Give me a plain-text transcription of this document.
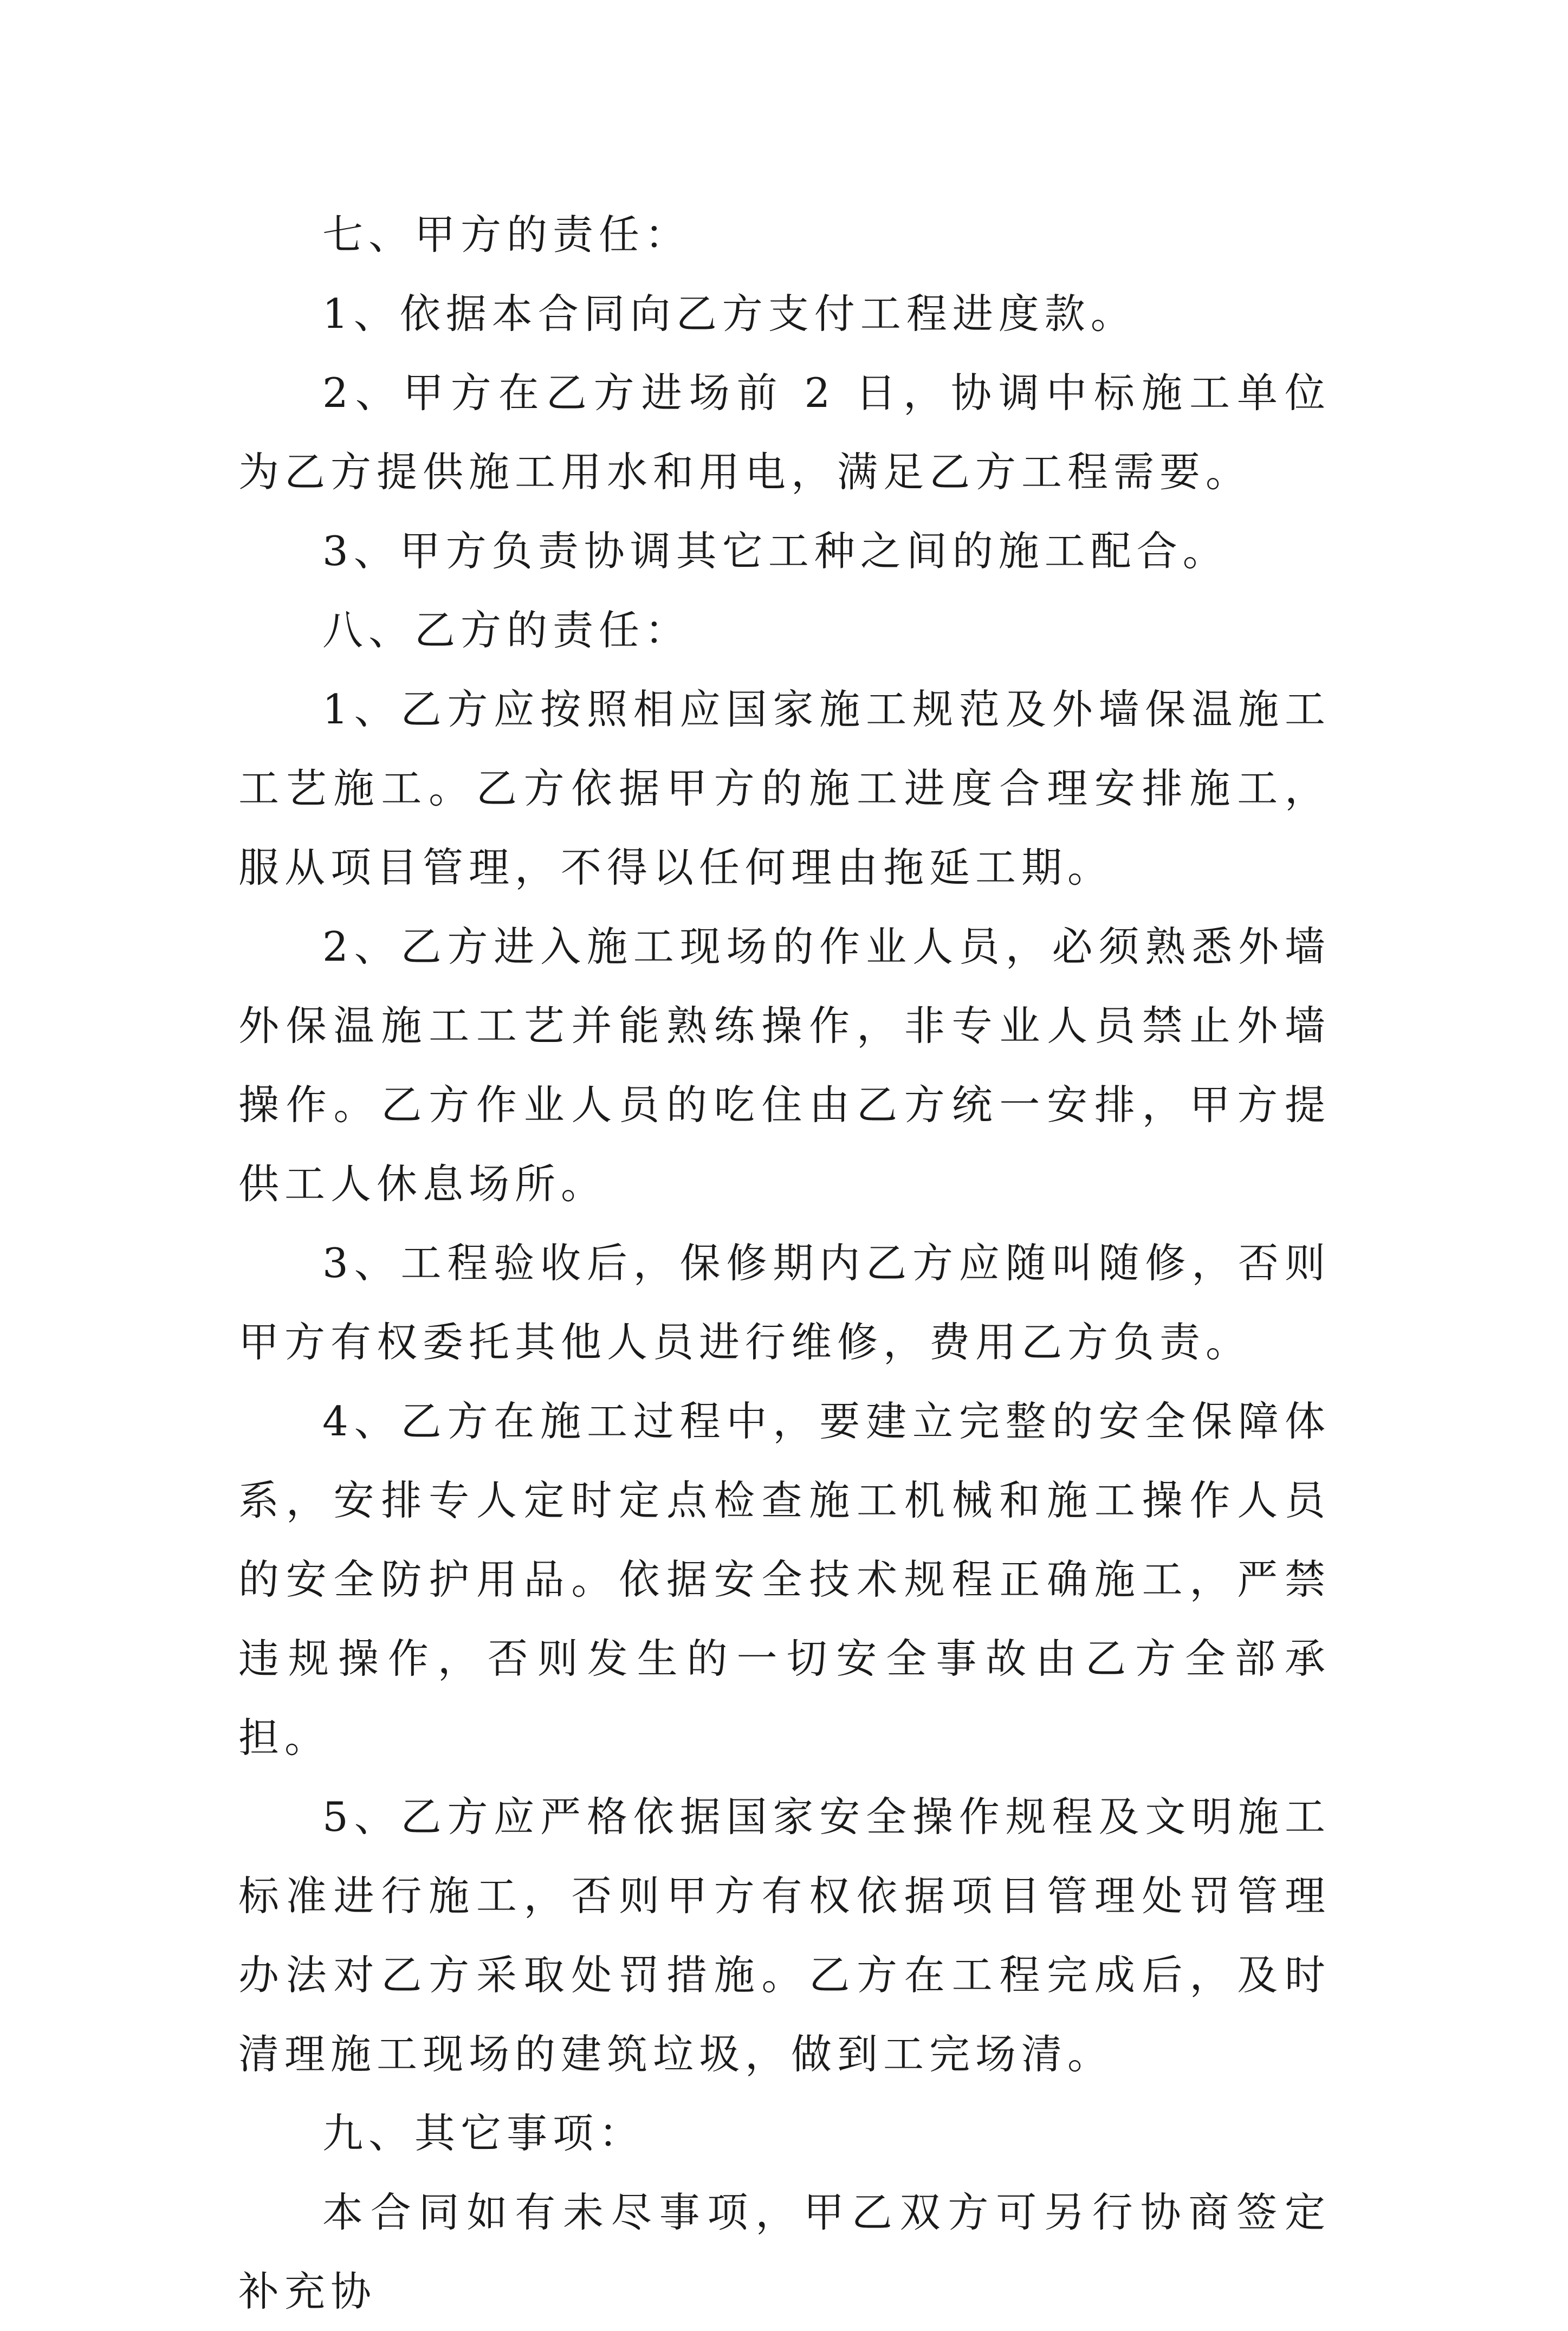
七、甲方的责任：

1、依据本合同向乙方支付工程进度款。

2、甲方在乙方进场前 2 日，协调中标施工单位为乙方提供施工用水和用电，满足乙方工程需要。

3、甲方负责协调其它工种之间的施工配合。

八、乙方的责任：

1、乙方应按照相应国家施工规范及外墙保温施工工艺施工。乙方依据甲方的施工进度合理安排施工，服从项目管理，不得以任何理由拖延工期。

2、乙方进入施工现场的作业人员，必须熟悉外墙外保温施工工艺并能熟练操作，非专业人员禁止外墙操作。乙方作业人员的吃住由乙方统一安排，甲方提供工人休息场所。

3、工程验收后，保修期内乙方应随叫随修，否则甲方有权委托其他人员进行维修，费用乙方负责。

4、乙方在施工过程中，要建立完整的安全保障体系，安排专人定时定点检查施工机械和施工操作人员的安全防护用品。依据安全技术规程正确施工，严禁违规操作，否则发生的一切安全事故由乙方全部承担。

5、乙方应严格依据国家安全操作规程及文明施工标准进行施工，否则甲方有权依据项目管理处罚管理办法对乙方采取处罚措施。乙方在工程完成后，及时清理施工现场的建筑垃圾，做到工完场清。

九、其它事项：

本合同如有未尽事项，甲乙双方可另行协商签定补充协
